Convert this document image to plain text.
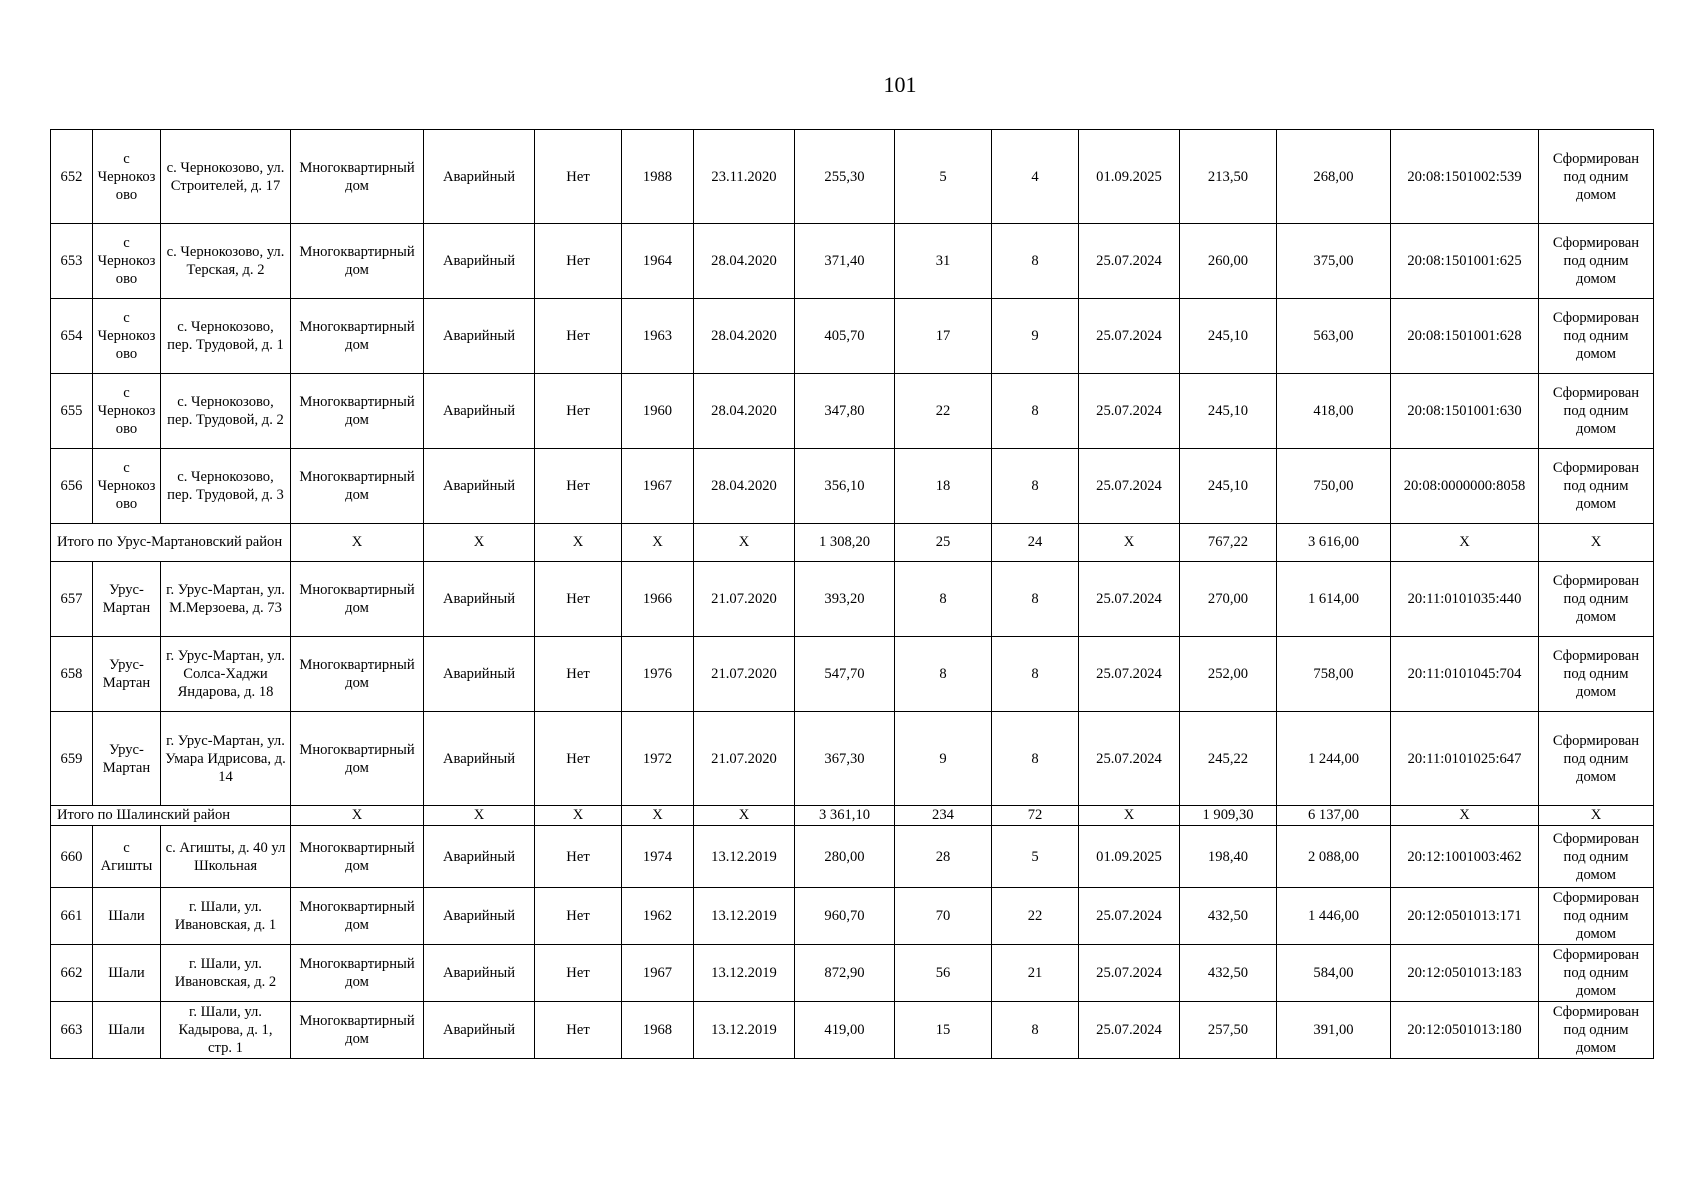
101
652	с Чернокозово	с. Чернокозово, ул. Строителей, д. 17	Многоквартирный дом	Аварийный	Нет	1988	23.11.2020	255,30	5	4	01.09.2025	213,50	268,00	20:08:1501002:539	Сформирован под одним домом
653	с Чернокозово	с. Чернокозово, ул. Терская, д. 2	Многоквартирный дом	Аварийный	Нет	1964	28.04.2020	371,40	31	8	25.07.2024	260,00	375,00	20:08:1501001:625	Сформирован под одним домом
654	с Чернокозово	с. Чернокозово, пер. Трудовой, д. 1	Многоквартирный дом	Аварийный	Нет	1963	28.04.2020	405,70	17	9	25.07.2024	245,10	563,00	20:08:1501001:628	Сформирован под одним домом
655	с Чернокозово	с. Чернокозово, пер. Трудовой, д. 2	Многоквартирный дом	Аварийный	Нет	1960	28.04.2020	347,80	22	8	25.07.2024	245,10	418,00	20:08:1501001:630	Сформирован под одним домом
656	с Чернокозово	с. Чернокозово, пер. Трудовой, д. 3	Многоквартирный дом	Аварийный	Нет	1967	28.04.2020	356,10	18	8	25.07.2024	245,10	750,00	20:08:0000000:8058	Сформирован под одним домом
Итого по Урус-Мартановский район			X	X	X	X	X	1 308,20	25	24	X	767,22	3 616,00	X	X
657	Урус-Мартан	г. Урус-Мартан, ул. М.Мерзоева, д. 73	Многоквартирный дом	Аварийный	Нет	1966	21.07.2020	393,20	8	8	25.07.2024	270,00	1 614,00	20:11:0101035:440	Сформирован под одним домом
658	Урус-Мартан	г. Урус-Мартан, ул. Солса-Хаджи Яндарова, д. 18	Многоквартирный дом	Аварийный	Нет	1976	21.07.2020	547,70	8	8	25.07.2024	252,00	758,00	20:11:0101045:704	Сформирован под одним домом
659	Урус-Мартан	г. Урус-Мартан, ул. Умара Идрисова, д. 14	Многоквартирный дом	Аварийный	Нет	1972	21.07.2020	367,30	9	8	25.07.2024	245,22	1 244,00	20:11:0101025:647	Сформирован под одним домом
Итого по Шалинский район			X	X	X	X	X	3 361,10	234	72	X	1 909,30	6 137,00	X	X
660	с Агишты	с. Агишты, д. 40 ул Школьная	Многоквартирный дом	Аварийный	Нет	1974	13.12.2019	280,00	28	5	01.09.2025	198,40	2 088,00	20:12:1001003:462	Сформирован под одним домом
661	Шали	г. Шали, ул. Ивановская, д. 1	Многоквартирный дом	Аварийный	Нет	1962	13.12.2019	960,70	70	22	25.07.2024	432,50	1 446,00	20:12:0501013:171	Сформирован под одним домом
662	Шали	г. Шали, ул. Ивановская, д. 2	Многоквартирный дом	Аварийный	Нет	1967	13.12.2019	872,90	56	21	25.07.2024	432,50	584,00	20:12:0501013:183	Сформирован под одним домом
663	Шали	г. Шали, ул. Кадырова, д. 1, стр. 1	Многоквартирный дом	Аварийный	Нет	1968	13.12.2019	419,00	15	8	25.07.2024	257,50	391,00	20:12:0501013:180	Сформирован под одним домом
